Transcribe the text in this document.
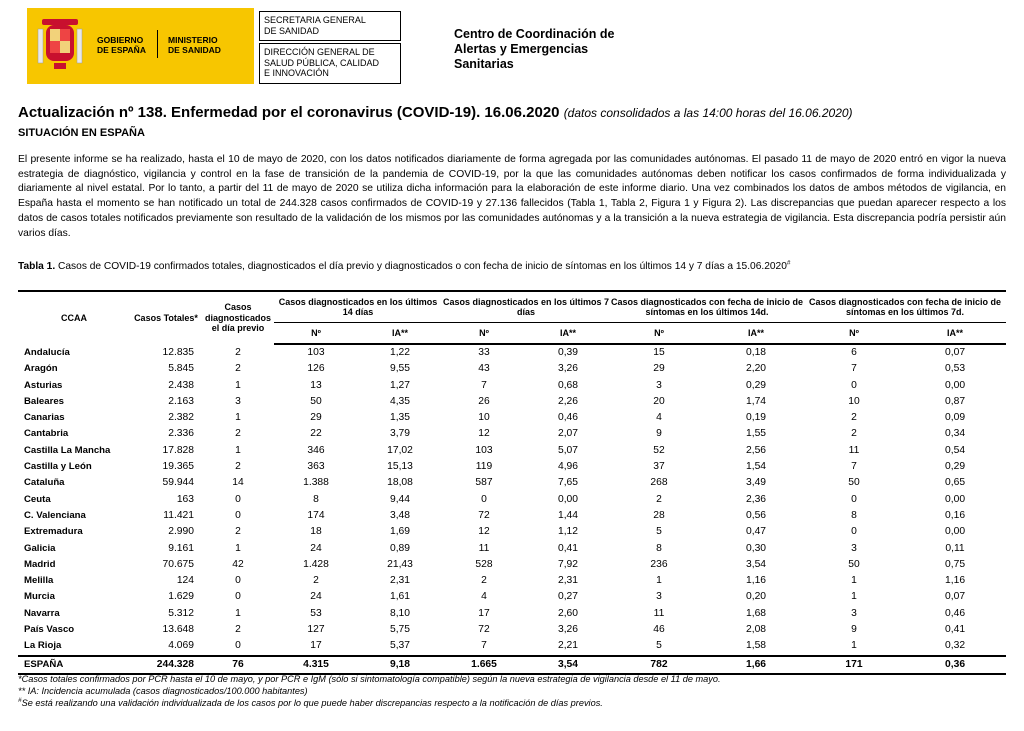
GOBIERNO
DE ESPAÑA
MINISTERIO
DE SANIDAD
SECRETARIA GENERAL
DE SANIDAD
DIRECCIÓN GENERAL DE
SALUD PÚBLICA, CALIDAD
E INNOVACIÓN
Centro de Coordinación de
Alertas y Emergencias
Sanitarias
Actualización nº 138. Enfermedad por el coronavirus (COVID-19). 16.06.2020 (datos consolidados a las 14:00 horas del 16.06.2020)
SITUACIÓN EN ESPAÑA

El presente informe se ha realizado, hasta el 10 de mayo de 2020, con los datos notificados diariamente de forma agregada por las comunidades autónomas. El pasado 11 de mayo de 2020 entró en vigor la nueva estrategia de diagnóstico, vigilancia y control en la fase de transición de la pandemia de COVID-19, por la que las comunidades autónomas deben notificar los casos confirmados de forma individualizada y diariamente al nivel estatal. Por lo tanto, a partir del 11 de mayo de 2020 se utiliza dicha información para la elaboración de este informe diario. Una vez combinados los datos de ambos métodos de vigilancia, en España hasta el momento se han notificado un total de 244.328 casos confirmados de COVID-19 y 27.136 fallecidos (Tabla 1, Tabla 2, Figura 1 y Figura 2). Las discrepancias que puedan aparecer respecto a los datos de casos totales notificados previamente son resultado de la validación de los mismos por las comunidades autónomas y a la transición a la nueva estrategia de vigilancia. Esta discrepancia podría persistir aún varios días.

Tabla 1. Casos de COVID-19 confirmados totales, diagnosticados el día previo y diagnosticados o con fecha de inicio de síntomas en los últimos 14 y 7 días a 15.06.2020#
CCAA	Casos Totales*	Casos diagnosticados el día previo	Casos diagnosticados en los últimos 14 días		Casos diagnosticados en los últimos 7 días		Casos diagnosticados con fecha de inicio de síntomas en los últimos 14d.		Casos diagnosticados con fecha de inicio de síntomas en los últimos 7d.	
			Nº	IA**	Nº	IA**	Nº	IA**	Nº	IA**
Andalucía	12.835	2	103	1,22	33	0,39	15	0,18	6	0,07
Aragón	5.845	2	126	9,55	43	3,26	29	2,20	7	0,53
Asturias	2.438	1	13	1,27	7	0,68	3	0,29	0	0,00
Baleares	2.163	3	50	4,35	26	2,26	20	1,74	10	0,87
Canarias	2.382	1	29	1,35	10	0,46	4	0,19	2	0,09
Cantabria	2.336	2	22	3,79	12	2,07	9	1,55	2	0,34
Castilla La Mancha	17.828	1	346	17,02	103	5,07	52	2,56	11	0,54
Castilla y León	19.365	2	363	15,13	119	4,96	37	1,54	7	0,29
Cataluña	59.944	14	1.388	18,08	587	7,65	268	3,49	50	0,65
Ceuta	163	0	8	9,44	0	0,00	2	2,36	0	0,00
C. Valenciana	11.421	0	174	3,48	72	1,44	28	0,56	8	0,16
Extremadura	2.990	2	18	1,69	12	1,12	5	0,47	0	0,00
Galicia	9.161	1	24	0,89	11	0,41	8	0,30	3	0,11
Madrid	70.675	42	1.428	21,43	528	7,92	236	3,54	50	0,75
Melilla	124	0	2	2,31	2	2,31	1	1,16	1	1,16
Murcia	1.629	0	24	1,61	4	0,27	3	0,20	1	0,07
Navarra	5.312	1	53	8,10	17	2,60	11	1,68	3	0,46
País Vasco	13.648	2	127	5,75	72	3,26	46	2,08	9	0,41
La Rioja	4.069	0	17	5,37	7	2,21	5	1,58	1	0,32
ESPAÑA	244.328	76	4.315	9,18	1.665	3,54	782	1,66	171	0,36

*Casos totales confirmados por PCR hasta el 10 de mayo, y por PCR e IgM (sólo si sintomatología compatible) según la nueva estrategia de vigilancia desde el 11 de mayo.

** IA: Incidencia acumulada (casos diagnosticados/100.000 habitantes)

#Se está realizando una validación individualizada de los casos por lo que puede haber discrepancias respecto a la notificación de días previos.
